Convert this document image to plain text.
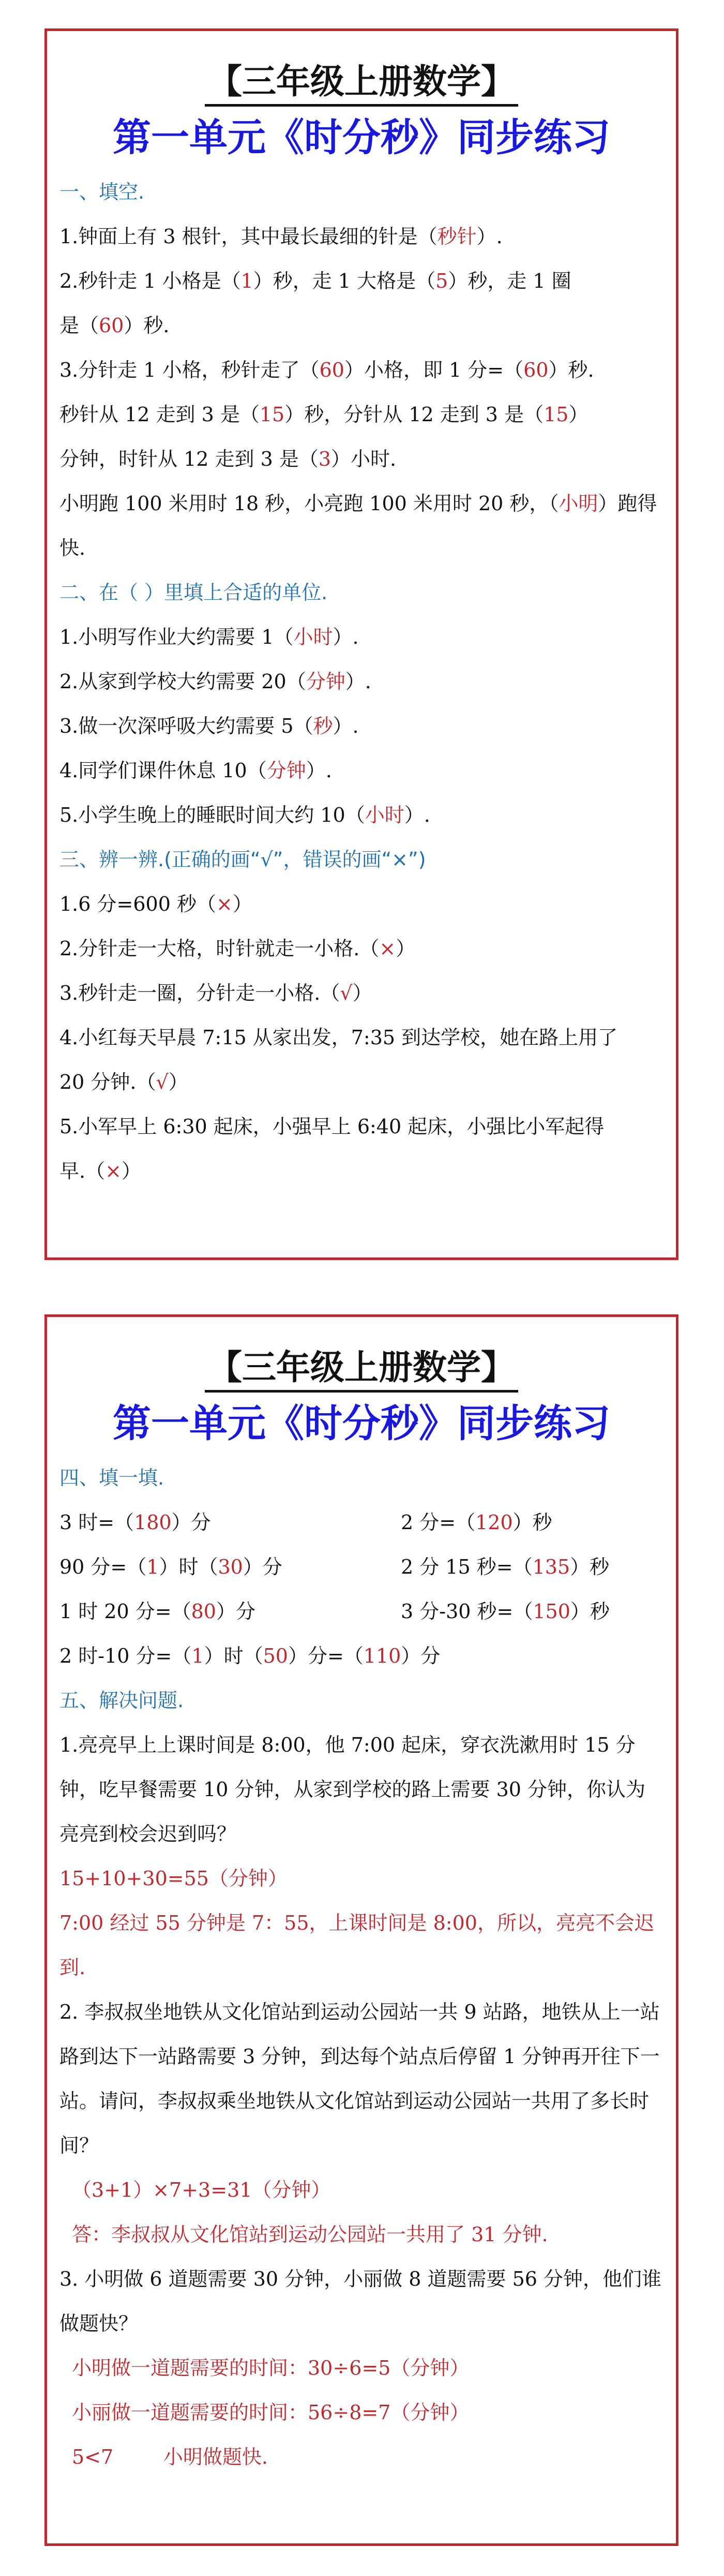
【三年级上册数学】
第一单元《时分秒》同步练习
一、填空.
1.钟面上有 3 根针，其中最长最细的针是（秒针）.
2.秒针走 1 小格是（1）秒，走 1 大格是（5）秒，走 1 圈
是（60）秒.
3.分针走 1 小格，秒针走了（60）小格，即 1 分=（60）秒.
秒针从 12 走到 3 是（15）秒，分针从 12 走到 3 是（15）
分钟，时针从 12 走到 3 是（3）小时.
小明跑 100 米用时 18 秒，小亮跑 100 米用时 20 秒，（小明）跑得快.
二、在（ ）里填上合适的单位.
1.小明写作业大约需要 1（小时）.
2.从家到学校大约需要 20（分钟）.
3.做一次深呼吸大约需要 5（秒）.
4.同学们课件休息 10（分钟）.
5.小学生晚上的睡眠时间大约 10（小时）.
三、辨一辨.(正确的画“√”，错误的画“×”)
1.6 分=600 秒（×）
2.分针走一大格，时针就走一小格.（×）
3.秒针走一圈，分针走一小格.（√）
4.小红每天早晨 7:15 从家出发，7:35 到达学校，她在路上用了
20 分钟.（√）
5.小军早上 6:30 起床，小强早上 6:40 起床，小强比小军起得
早.（×）
【三年级上册数学】
第一单元《时分秒》同步练习
四、填一填.
3 时=（180）分	2 分=（120）秒
90 分=（1）时（30）分	2 分 15 秒=（135）秒
1 时 20 分=（80）分	3 分-30 秒=（150）秒
2 时-10 分=（1）时（50）分=（110）分
五、解决问题.
1.亮亮早上上课时间是 8:00，他 7:00 起床，穿衣洗漱用时 15 分钟，吃早餐需要 10 分钟，从家到学校的路上需要 30 分钟，你认为亮亮到校会迟到吗？
15+10+30=55（分钟）
7:00 经过 55 分钟是 7：55，上课时间是 8:00，所以，亮亮不会迟到.
2. 李叔叔坐地铁从文化馆站到运动公园站一共 9 站路，地铁从上一站路到达下一站路需要 3 分钟，到达每个站点后停留 1 分钟再开往下一站。请问，李叔叔乘坐地铁从文化馆站到运动公园站一共用了多长时间？
（3+1）×7+3=31（分钟）
答：李叔叔从文化馆站到运动公园站一共用了 31 分钟.
3. 小明做 6 道题需要 30 分钟，小丽做 8 道题需要 56 分钟，他们谁做题快？
小明做一道题需要的时间：30÷6=5（分钟）
小丽做一道题需要的时间：56÷8=7（分钟）
5<7        小明做题快.
